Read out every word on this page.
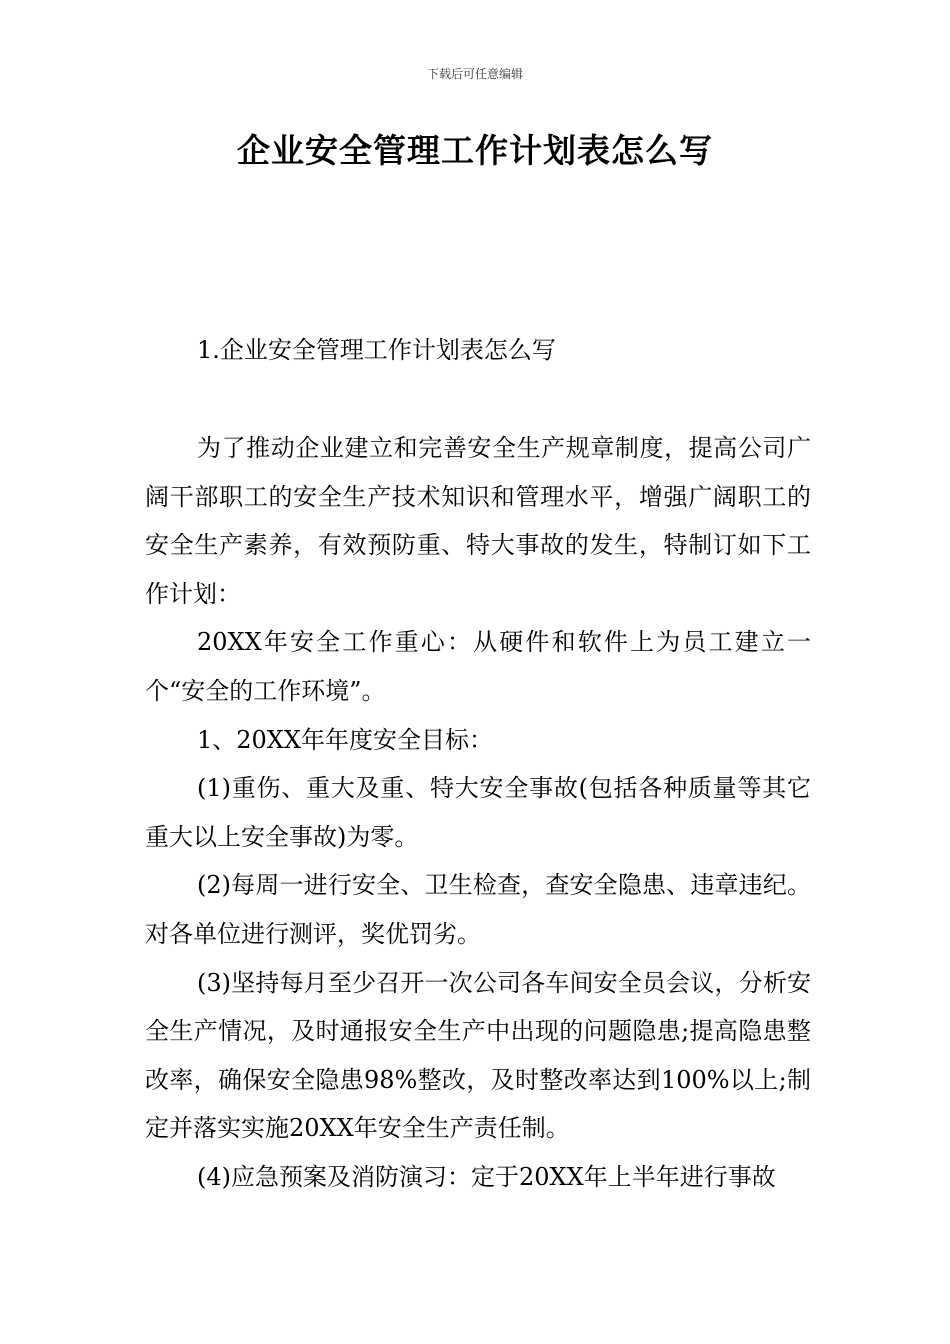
下载后可任意编辑
企业安全管理工作计划表怎么写
1.企业安全管理工作计划表怎么写

为了推动企业建立和完善安全生产规章制度，提高公司广阔干部职工的安全生产技术知识和管理水平，增强广阔职工的安全生产素养，有效预防重、特大事故的发生，特制订如下工作计划：

20XX年安全工作重心：从硬件和软件上为员工建立一个“安全的工作环境”。

1、20XX年年度安全目标：

(1)重伤、重大及重、特大安全事故(包括各种质量等其它重大以上安全事故)为零。

(2)每周一进行安全、卫生检查，查安全隐患、违章违纪。对各单位进行测评，奖优罚劣。

(3)坚持每月至少召开一次公司各车间安全员会议，分析安全生产情况，及时通报安全生产中出现的问题隐患;提高隐患整改率，确保安全隐患98%整改，及时整改率达到100%以上;制定并落实实施20XX年安全生产责任制。

(4)应急预案及消防演习：定于20XX年上半年进行事故
